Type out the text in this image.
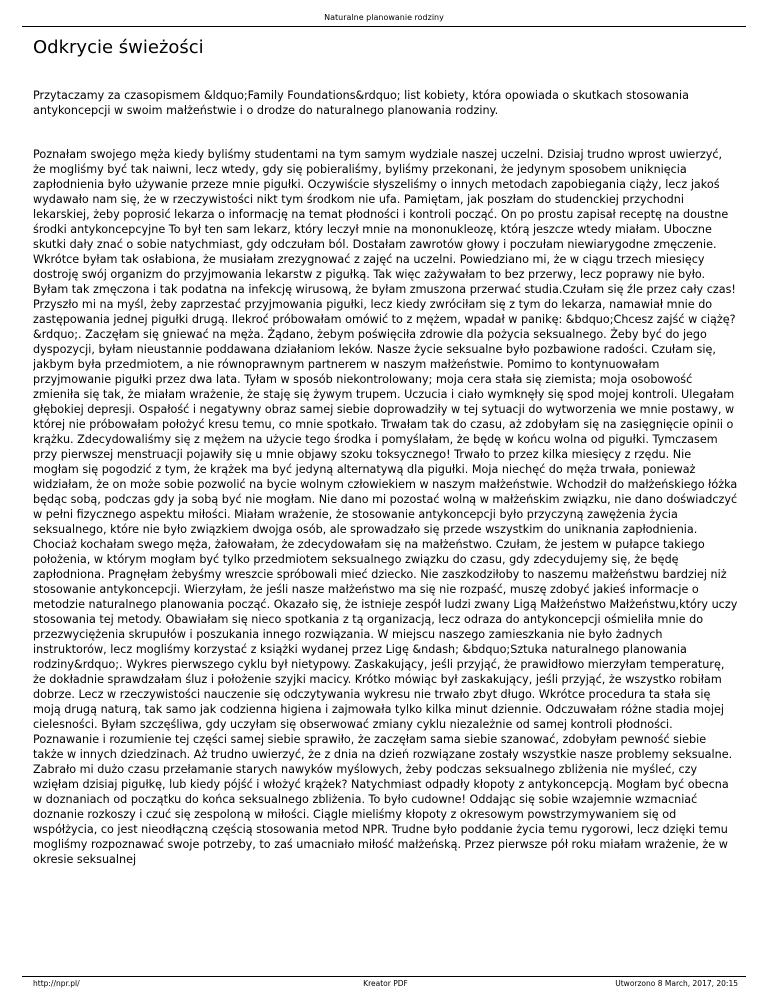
Naturalne planowanie rodziny
Odkrycie świeżości

Przytaczamy za czasopismem &ldquo;Family Foundations&rdquo; list kobiety, która opowiada o skutkach stosowania antykoncepcji w swoim małżeństwie i o drodze do naturalnego planowania rodziny.

Poznałam swojego męża kiedy byliśmy studentami na tym samym wydziale naszej uczelni. Dzisiaj trudno wprost uwierzyć, że mogliśmy być tak naiwni, lecz wtedy, gdy się pobieraliśmy, byliśmy przekonani, że jedynym sposobem uniknięcia zapłodnienia było używanie przeze mnie pigułki. Oczywiście słyszeliśmy o innych metodach zapobiegania ciąży, lecz jakoś wydawało nam się, że w rzeczywistości nikt tym środkom nie ufa. Pamiętam, jak poszłam do studenckiej przychodni lekarskiej, żeby poprosić lekarza o informację na temat płodności i kontroli począć. On po prostu zapisał receptę na doustne środki antykoncepcyjne To był ten sam lekarz, który leczył mnie na mononukleozę, którą jeszcze wtedy miałam. Uboczne skutki dały znać o sobie natychmiast, gdy odczułam ból. Dostałam zawrotów głowy i poczułam niewiarygodne zmęczenie. Wkrótce byłam tak osłabiona, że musiałam zrezygnować z zajęć na uczelni. Powiedziano mi, że w ciągu trzech miesięcy dostroję swój organizm do przyjmowania lekarstw z pigułką. Tak więc zażywałam to bez przerwy, lecz poprawy nie było. Byłam tak zmęczona i tak podatna na infekcję wirusową, że byłam zmuszona przerwać studia.Czułam się źle przez cały czas! Przyszło mi na myśl, żeby zaprzestać przyjmowania pigułki, lecz kiedy zwróciłam się z tym do lekarza, namawiał mnie do zastępowania jednej pigułki drugą. Ilekroć próbowałam omówić to z mężem, wpadał w panikę: &bdquo;Chcesz zajść w ciążę?&rdquo;. Zaczęłam się gniewać na męża. Żądano, żebym poświęciła zdrowie dla pożycia seksualnego. Żeby być do jego dyspozycji, byłam nieustannie poddawana działaniom leków. Nasze życie seksualne było pozbawione radości. Czułam się, jakbym była przedmiotem, a nie równoprawnym partnerem w naszym małżeństwie. Pomimo to kontynuowałam przyjmowanie pigułki przez dwa lata. Tyłam w sposób niekontrolowany; moja cera stała się ziemista; moja osobowość zmieniła się tak, że miałam wrażenie, że staję się żywym trupem. Uczucia i ciało wymknęły się spod mojej kontroli. Ulegałam głębokiej depresji. Ospałość i negatywny obraz samej siebie doprowadziły w tej sytuacji do wytworzenia we mnie postawy, w której nie próbowałam położyć kresu temu, co mnie spotkało. Trwałam tak do czasu, aż zdobyłam się na zasięgnięcie opinii o krążku. Zdecydowaliśmy się z mężem na użycie tego środka i pomyślałam, że będę w końcu wolna od pigułki. Tymczasem przy pierwszej menstruacji pojawiły się u mnie objawy szoku toksycznego! Trwało to przez kilka miesięcy z rzędu. Nie mogłam się pogodzić z tym, że krążek ma być jedyną alternatywą dla pigułki. Moja niechęć do męża trwała, ponieważ widziałam, że on może sobie pozwolić na bycie wolnym człowiekiem w naszym małżeństwie. Wchodził do małżeńskiego łóżka będąc sobą, podczas gdy ja sobą być nie mogłam. Nie dano mi pozostać wolną w małżeńskim związku, nie dano doświadczyć w pełni fizycznego aspektu miłości. Miałam wrażenie, że stosowanie antykoncepcji było przyczyną zawężenia życia seksualnego, które nie było związkiem dwojga osób, ale sprowadzało się przede wszystkim do uniknania zapłodnienia. Chociaż kochałam swego męża, żałowałam, że zdecydowałam się na małżeństwo. Czułam, że jestem w pułapce takiego położenia, w którym mogłam być tylko przedmiotem seksualnego związku do czasu, gdy zdecydujemy się, że będę zapłodniona. Pragnęłam żebyśmy wreszcie spróbowali mieć dziecko. Nie zaszkodziłoby to naszemu małżeństwu bardziej niż stosowanie antykoncepcji. Wierzyłam, że jeśli nasze małżeństwo ma się nie rozpaść, muszę zdobyć jakieś informacje o metodzie naturalnego planowania począć. Okazało się, że istnieje zespół ludzi zwany Ligą Małżeństwo Małżeństwu,który uczy stosowania tej metody. Obawiałam się nieco spotkania z tą organizacją, lecz odraza do antykoncepcji ośmieliła mnie do przezwyciężenia skrupułów i poszukania innego rozwiązania. W miejscu naszego zamieszkania nie było żadnych instruktorów, lecz mogliśmy korzystać z książki wydanej przez Ligę &ndash; &bdquo;Sztuka naturalnego planowania rodziny&rdquo;. Wykres pierwszego cyklu był nietypowy. Zaskakujący, jeśli przyjąć, że prawidłowo mierzyłam temperaturę, że dokładnie sprawdzałam śluz i położenie szyjki macicy. Krótko mówiąc był zaskakujący, jeśli przyjąć, że wszystko robiłam dobrze. Lecz w rzeczywistości nauczenie się odczytywania wykresu nie trwało zbyt długo. Wkrótce procedura ta stała się moją drugą naturą, tak samo jak codzienna higiena i zajmowała tylko kilka minut dziennie. Odczuwałam różne stadia mojej cielesności. Byłam szczęśliwa, gdy uczyłam się obserwować zmiany cyklu niezależnie od samej kontroli płodności. Poznawanie i rozumienie tej części samej siebie sprawiło, że zaczęłam sama siebie szanować, zdobyłam pewność siebie także w innych dziedzinach. Aż trudno uwierzyć, że z dnia na dzień rozwiązane zostały wszystkie nasze problemy seksualne. Zabrało mi dużo czasu przełamanie starych nawyków myślowych, żeby podczas seksualnego zbliżenia nie myśleć, czy wzięłam dzisiaj pigułkę, lub kiedy pójść i włożyć krążek? Natychmiast odpadły kłopoty z antykoncepcją. Mogłam być obecna w doznaniach od początku do końca seksualnego zbliżenia. To było cudowne! Oddając się sobie wzajemnie wzmacniać doznanie rozkoszy i czuć się zespoloną w miłości. Ciągle mieliśmy kłopoty z okresowym powstrzymywaniem się od współżycia, co jest nieodłączną częścią stosowania metod NPR. Trudne było poddanie życia temu rygorowi, lecz dzięki temu mogliśmy rozpoznawać swoje potrzeby, to zaś umacniało miłość małżeńską. Przez pierwsze pół roku miałam wrażenie, że w okresie seksualnej

Kreator PDF
http://npr.pl/	Utworzono 8 March, 2017, 20:15
